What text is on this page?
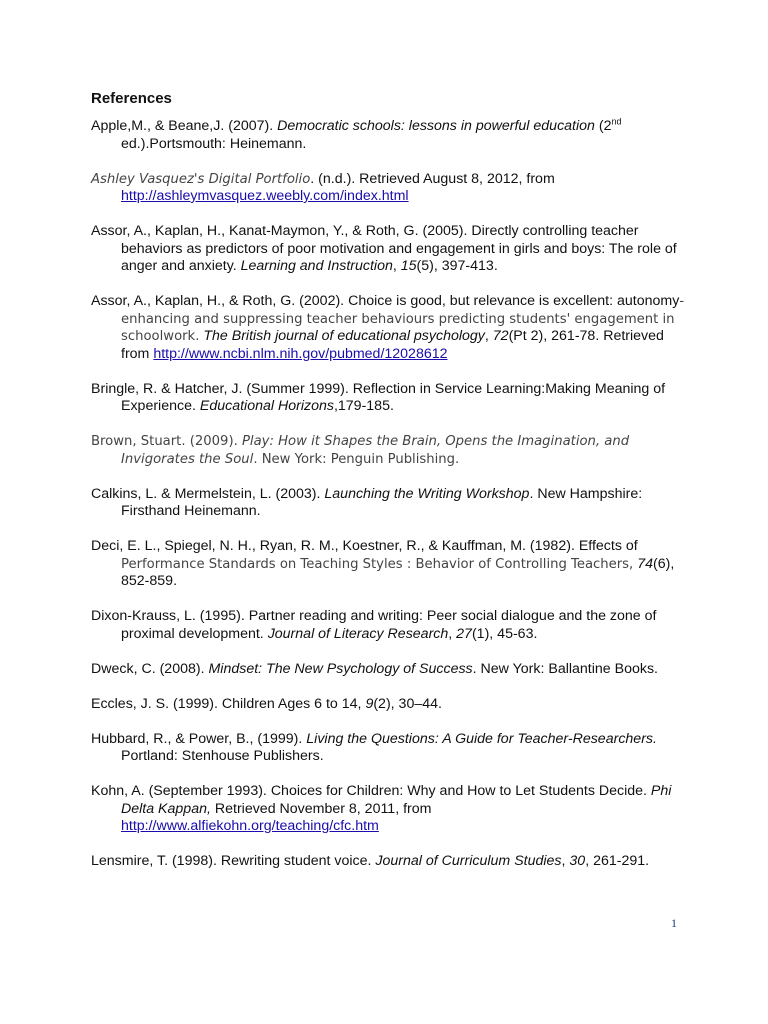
References
Apple,M., & Beane,J. (2007). Democratic schools: lessons in powerful education (2nd ed.).Portsmouth: Heinemann.
Ashley Vasquez's Digital Portfolio. (n.d.). Retrieved August 8, 2012, from
http://ashleymvasquez.weebly.com/index.html
Assor, A., Kaplan, H., Kanat-Maymon, Y., & Roth, G. (2005). Directly controlling teacher behaviors as predictors of poor motivation and engagement in girls and boys: The role of anger and anxiety. Learning and Instruction, 15(5), 397-413.
Assor, A., Kaplan, H., & Roth, G. (2002). Choice is good, but relevance is excellent: autonomy-enhancing and suppressing teacher behaviours predicting students' engagement in schoolwork. The British journal of educational psychology, 72(Pt 2), 261-78. Retrieved from http://www.ncbi.nlm.nih.gov/pubmed/12028612
Bringle, R. & Hatcher, J. (Summer 1999). Reflection in Service Learning:Making Meaning of Experience. Educational Horizons,179-185.
Brown, Stuart. (2009). Play: How it Shapes the Brain, Opens the Imagination, and Invigorates the Soul. New York: Penguin Publishing.
Calkins, L. & Mermelstein, L. (2003). Launching the Writing Workshop. New Hampshire: Firsthand Heinemann.
Deci, E. L., Spiegel, N. H., Ryan, R. M., Koestner, R., & Kauffman, M. (1982). Effects of Performance Standards on Teaching Styles : Behavior of Controlling Teachers, 74(6), 852-859.
Dixon-Krauss, L. (1995). Partner reading and writing: Peer social dialogue and the zone of proximal development. Journal of Literacy Research, 27(1), 45-63.
Dweck, C. (2008). Mindset: The New Psychology of Success. New York: Ballantine Books.
Eccles, J. S. (1999). Children Ages 6 to 14, 9(2), 30–44.
Hubbard, R., & Power, B., (1999). Living the Questions: A Guide for Teacher-Researchers. Portland: Stenhouse Publishers.
Kohn, A. (September 1993). Choices for Children: Why and How to Let Students Decide. Phi Delta Kappan, Retrieved November 8, 2011, from http://www.alfiekohn.org/teaching/cfc.htm
Lensmire, T. (1998). Rewriting student voice. Journal of Curriculum Studies, 30, 261-291.
1
